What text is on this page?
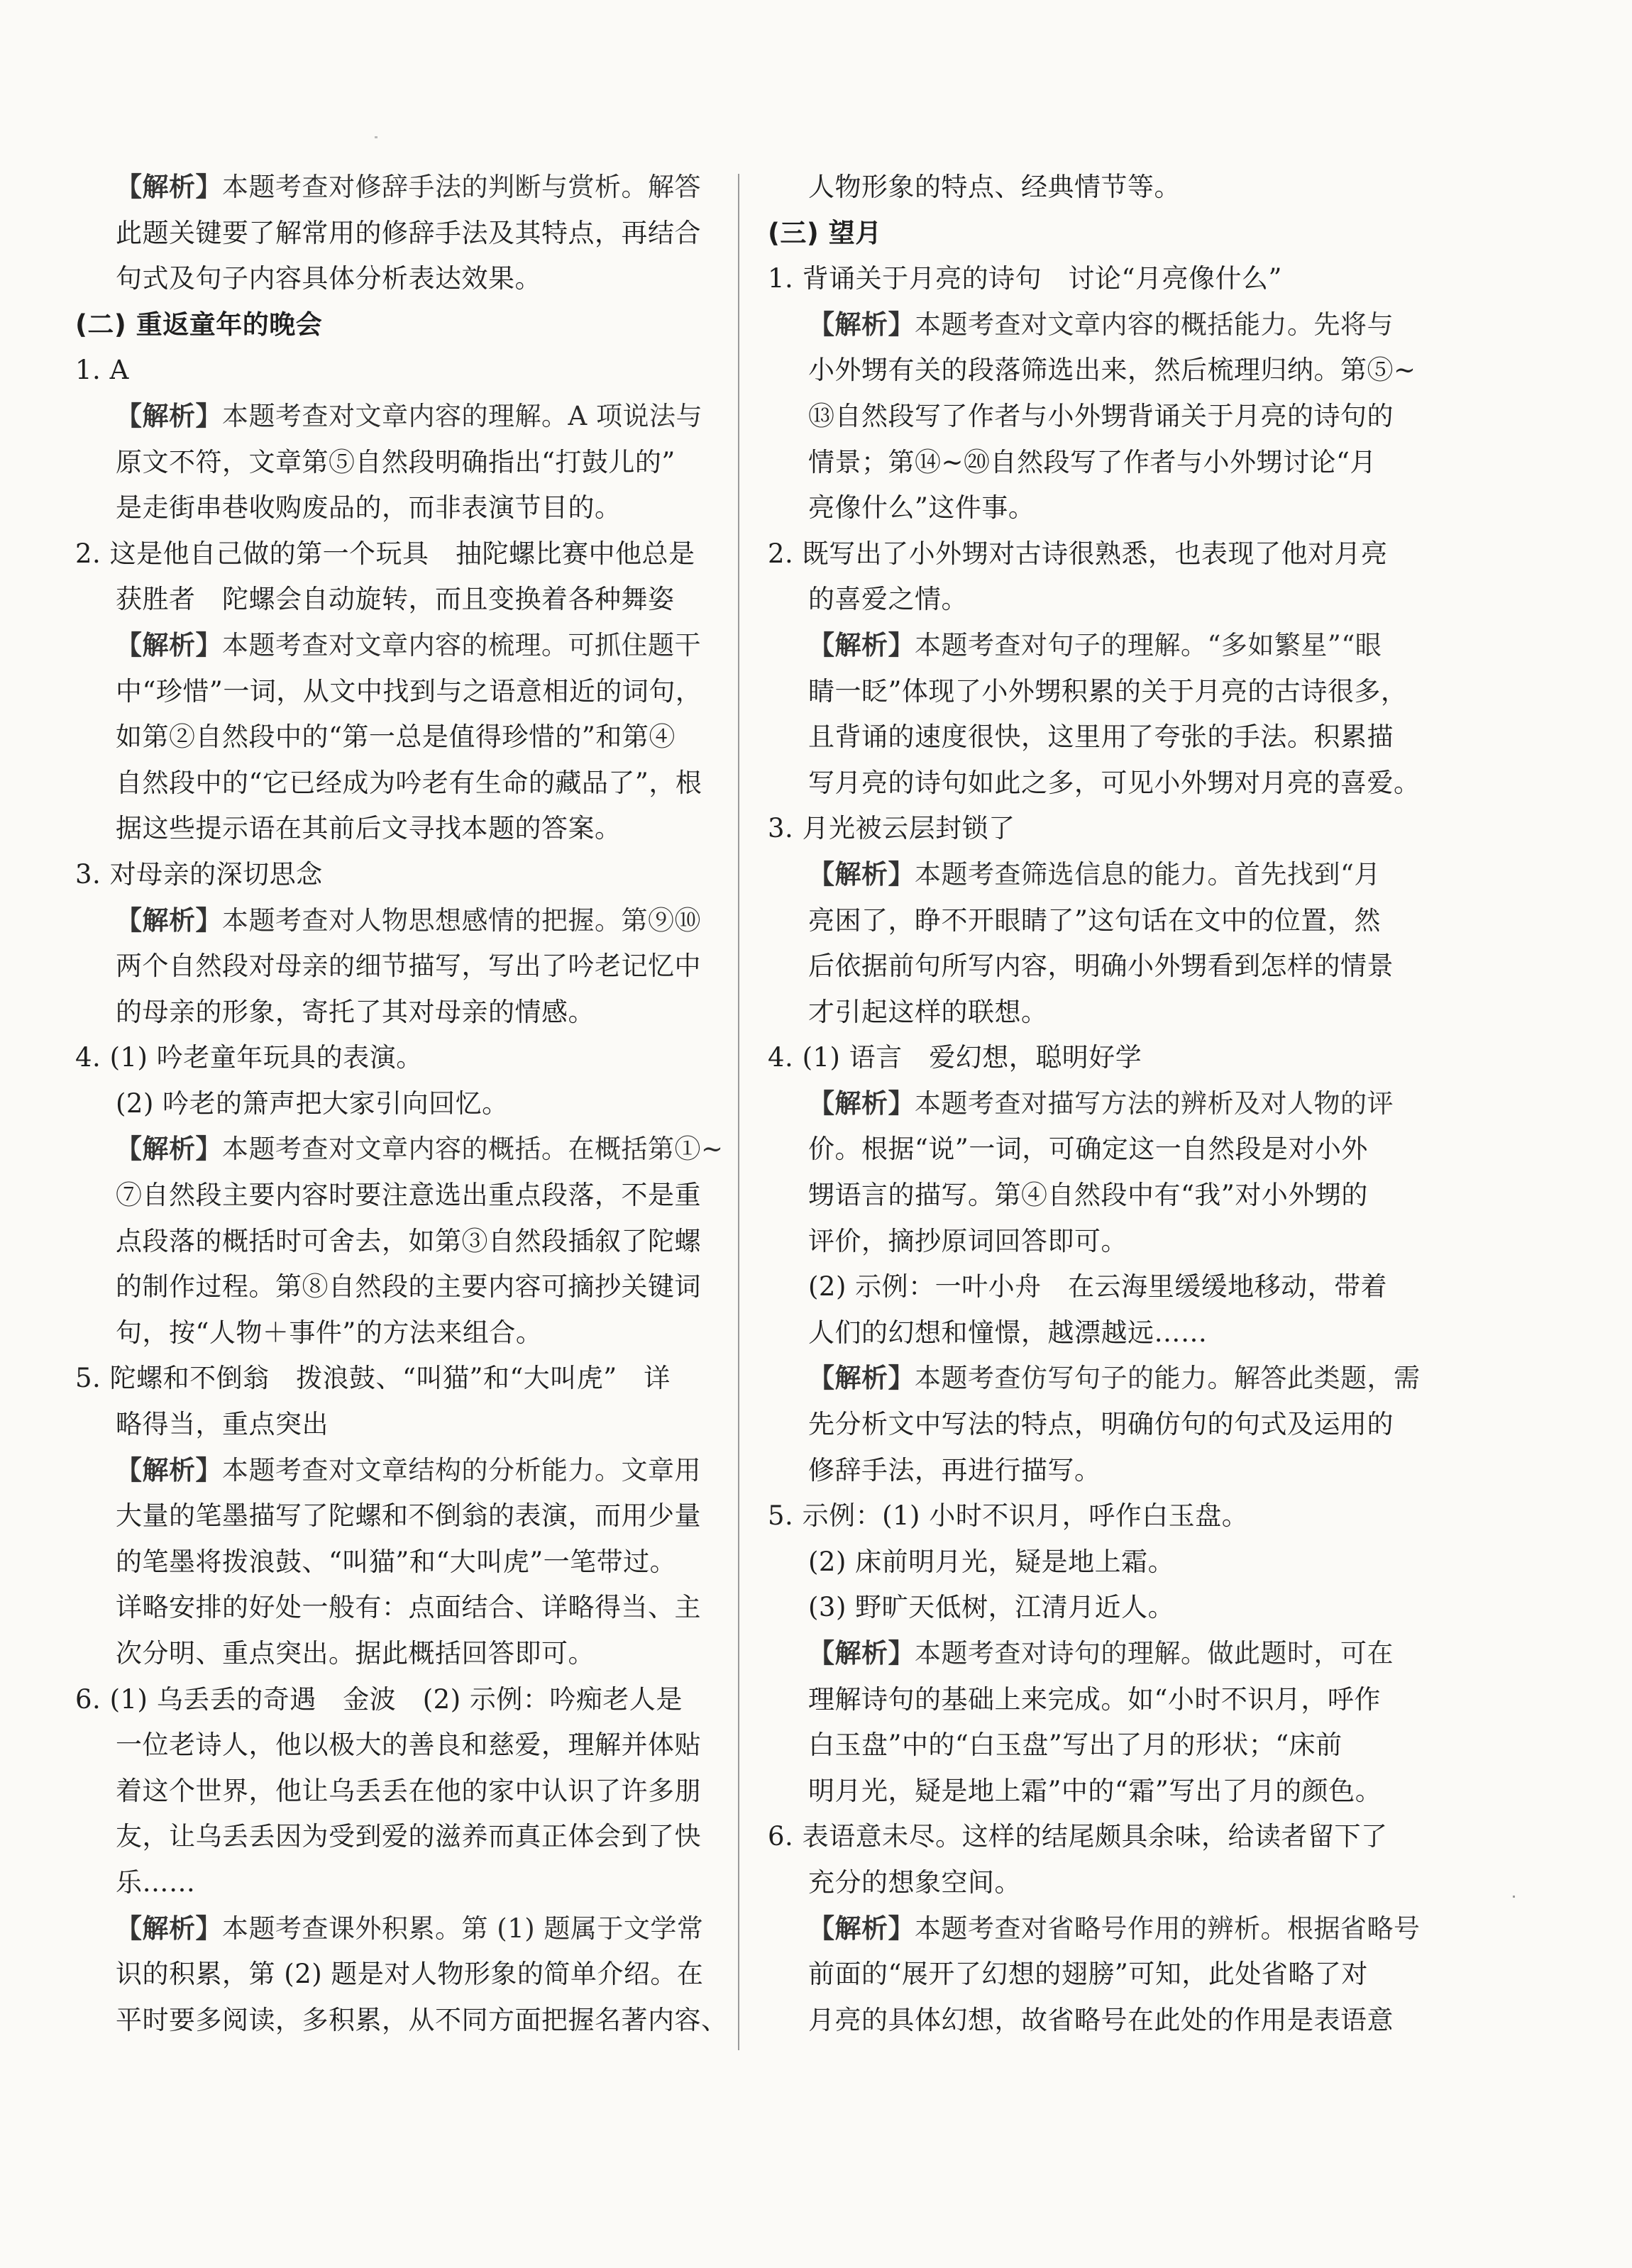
【解析】本题考查对修辞手法的判断与赏析。解答
此题关键要了解常用的修辞手法及其特点，再结合
句式及句子内容具体分析表达效果。
(二) 重返童年的晚会
1. A
【解析】本题考查对文章内容的理解。A 项说法与
原文不符，文章第⑤自然段明确指出“打鼓儿的”
是走街串巷收购废品的，而非表演节目的。
2. 这是他自己做的第一个玩具　抽陀螺比赛中他总是
获胜者　陀螺会自动旋转，而且变换着各种舞姿
【解析】本题考查对文章内容的梳理。可抓住题干
中“珍惜”一词，从文中找到与之语意相近的词句，
如第②自然段中的“第一总是值得珍惜的”和第④
自然段中的“它已经成为吟老有生命的藏品了”，根
据这些提示语在其前后文寻找本题的答案。
3. 对母亲的深切思念
【解析】本题考查对人物思想感情的把握。第⑨⑩
两个自然段对母亲的细节描写，写出了吟老记忆中
的母亲的形象，寄托了其对母亲的情感。
4. (1) 吟老童年玩具的表演。
(2) 吟老的箫声把大家引向回忆。
【解析】本题考查对文章内容的概括。在概括第①~
⑦自然段主要内容时要注意选出重点段落，不是重
点段落的概括时可舍去，如第③自然段插叙了陀螺
的制作过程。第⑧自然段的主要内容可摘抄关键词
句，按“人物＋事件”的方法来组合。
5. 陀螺和不倒翁　拨浪鼓、“叫猫”和“大叫虎”　详
略得当，重点突出
【解析】本题考查对文章结构的分析能力。文章用
大量的笔墨描写了陀螺和不倒翁的表演，而用少量
的笔墨将拨浪鼓、“叫猫”和“大叫虎”一笔带过。
详略安排的好处一般有：点面结合、详略得当、主
次分明、重点突出。据此概括回答即可。
6. (1) 乌丢丢的奇遇　金波　(2) 示例：吟痴老人是
一位老诗人，他以极大的善良和慈爱，理解并体贴
着这个世界，他让乌丢丢在他的家中认识了许多朋
友，让乌丢丢因为受到爱的滋养而真正体会到了快
乐……
【解析】本题考查课外积累。第 (1) 题属于文学常
识的积累，第 (2) 题是对人物形象的简单介绍。在
平时要多阅读，多积累，从不同方面把握名著内容、
人物形象的特点、经典情节等。
(三) 望月
1. 背诵关于月亮的诗句　讨论“月亮像什么”
【解析】本题考查对文章内容的概括能力。先将与
小外甥有关的段落筛选出来，然后梳理归纳。第⑤~
⑬自然段写了作者与小外甥背诵关于月亮的诗句的
情景；第⑭~⑳自然段写了作者与小外甥讨论“月
亮像什么”这件事。
2. 既写出了小外甥对古诗很熟悉，也表现了他对月亮
的喜爱之情。
【解析】本题考查对句子的理解。“多如繁星”“眼
睛一眨”体现了小外甥积累的关于月亮的古诗很多，
且背诵的速度很快，这里用了夸张的手法。积累描
写月亮的诗句如此之多，可见小外甥对月亮的喜爱。
3. 月光被云层封锁了
【解析】本题考查筛选信息的能力。首先找到“月
亮困了，睁不开眼睛了”这句话在文中的位置，然
后依据前句所写内容，明确小外甥看到怎样的情景
才引起这样的联想。
4. (1) 语言　爱幻想，聪明好学
【解析】本题考查对描写方法的辨析及对人物的评
价。根据“说”一词，可确定这一自然段是对小外
甥语言的描写。第④自然段中有“我”对小外甥的
评价，摘抄原词回答即可。
(2) 示例：一叶小舟　在云海里缓缓地移动，带着
人们的幻想和憧憬，越漂越远……
【解析】本题考查仿写句子的能力。解答此类题，需
先分析文中写法的特点，明确仿句的句式及运用的
修辞手法，再进行描写。
5. 示例：(1) 小时不识月，呼作白玉盘。
(2) 床前明月光，疑是地上霜。
(3) 野旷天低树，江清月近人。
【解析】本题考查对诗句的理解。做此题时，可在
理解诗句的基础上来完成。如“小时不识月，呼作
白玉盘”中的“白玉盘”写出了月的形状；“床前
明月光，疑是地上霜”中的“霜”写出了月的颜色。
6. 表语意未尽。这样的结尾颇具余味，给读者留下了
充分的想象空间。
【解析】本题考查对省略号作用的辨析。根据省略号
前面的“展开了幻想的翅膀”可知，此处省略了对
月亮的具体幻想，故省略号在此处的作用是表语意
